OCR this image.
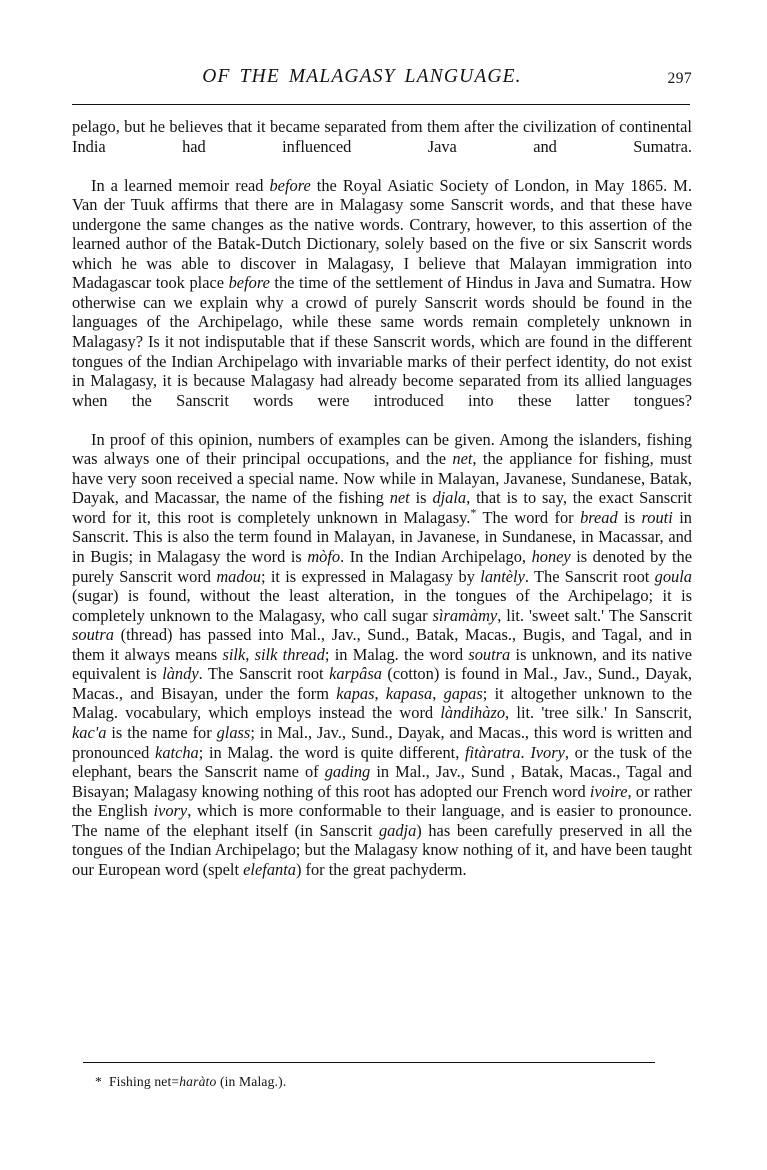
OF THE MALAGASY LANGUAGE.	297

pelago, but he believes that it became separated from them after the civilization of continental India had influenced Java and Sumatra.

In a learned memoir read before the Royal Asiatic Society of London, in May 1865. M. Van der Tuuk affirms that there are in Malagasy some Sanscrit words, and that these have undergone the same changes as the native words. Contrary, however, to this assertion of the learned author of the Batak-Dutch Dictionary, solely based on the five or six Sanscrit words which he was able to discover in Malagasy, I believe that Malayan immigration into Madagascar took place before the time of the settlement of Hindus in Java and Sumatra. How otherwise can we explain why a crowd of purely Sanscrit words should be found in the languages of the Archipelago, while these same words remain completely unknown in Malagasy? Is it not indisputable that if these Sanscrit words, which are found in the different tongues of the Indian Archipelago with invariable marks of their perfect identity, do not exist in Malagasy, it is because Malagasy had already become separated from its allied languages when the Sanscrit words were introduced into these latter tongues?

In proof of this opinion, numbers of examples can be given. Among the islanders, fishing was always one of their principal occupations, and the net, the appliance for fishing, must have very soon received a special name. Now while in Malayan, Javanese, Sundanese, Batak, Dayak, and Macassar, the name of the fishing net is djala, that is to say, the exact Sanscrit word for it, this root is completely unknown in Malagasy.* The word for bread is routi in Sanscrit. This is also the term found in Malayan, in Javanese, in Sundanese, in Macassar, and in Bugis; in Malagasy the word is mòfo. In the Indian Archipelago, honey is denoted by the purely Sanscrit word madou; it is expressed in Malagasy by lantèly. The Sanscrit root goula (sugar) is found, without the least alteration, in the tongues of the Archipelago; it is completely unknown to the Malagasy, who call sugar sìramàmy, lit. 'sweet salt.' The Sanscrit soutra (thread) has passed into Mal., Jav., Sund., Batak, Macas., Bugis, and Tagal, and in them it always means silk, silk thread; in Malag. the word soutra is unknown, and its native equivalent is làndy. The Sanscrit root karpâsa (cotton) is found in Mal., Jav., Sund., Dayak, Macas., and Bisayan, under the form kapas, kapasa, gapas; it altogether unknown to the Malag. vocabulary, which employs instead the word làndihàzo, lit. 'tree silk.' In Sanscrit, kac'a is the name for glass; in Mal., Jav., Sund., Dayak, and Macas., this word is written and pronounced katcha; in Malag. the word is quite different, fitàratra. Ivory, or the tusk of the elephant, bears the Sanscrit name of gading in Mal., Jav., Sund , Batak, Macas., Tagal and Bisayan; Malagasy knowing nothing of this root has adopted our French word ivoire, or rather the English ivory, which is more conformable to their language, and is easier to pronounce. The name of the elephant itself (in Sanscrit gadja) has been carefully preserved in all the tongues of the Indian Archipelago; but the Malagasy know nothing of it, and have been taught our European word (spelt elefanta) for the great pachyderm.

* Fishing net=haràto (in Malag.).
